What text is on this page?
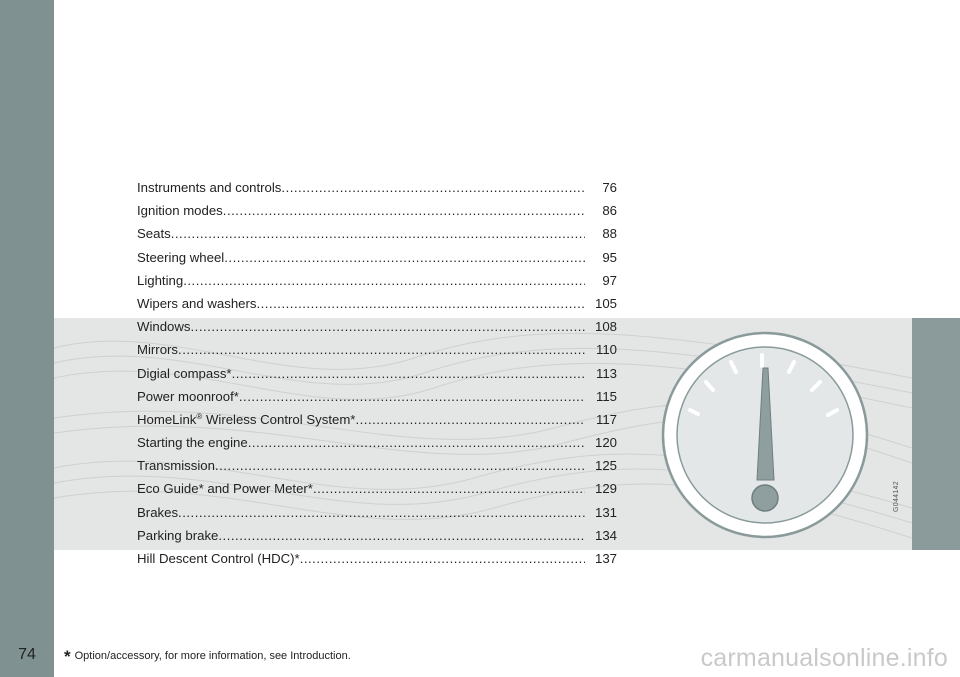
74
Instruments and controls .....	76
Ignition modes .....	86
Seats .....	88
Steering wheel .....	95
Lighting .....	97
Wipers and washers .....	105
Windows .....	108
Mirrors .....	110
Digial compass* .....	113
Power moonroof* .....	115
HomeLink® Wireless Control System* .....	117
Starting the engine .....	120
Transmission .....	125
Eco Guide* and Power Meter* .....	129
Brakes .....	131
Parking brake .....	134
Hill Descent Control (HDC)* .....	137
G044142
* Option/accessory, for more information, see Introduction.	carmanualsonline.info
